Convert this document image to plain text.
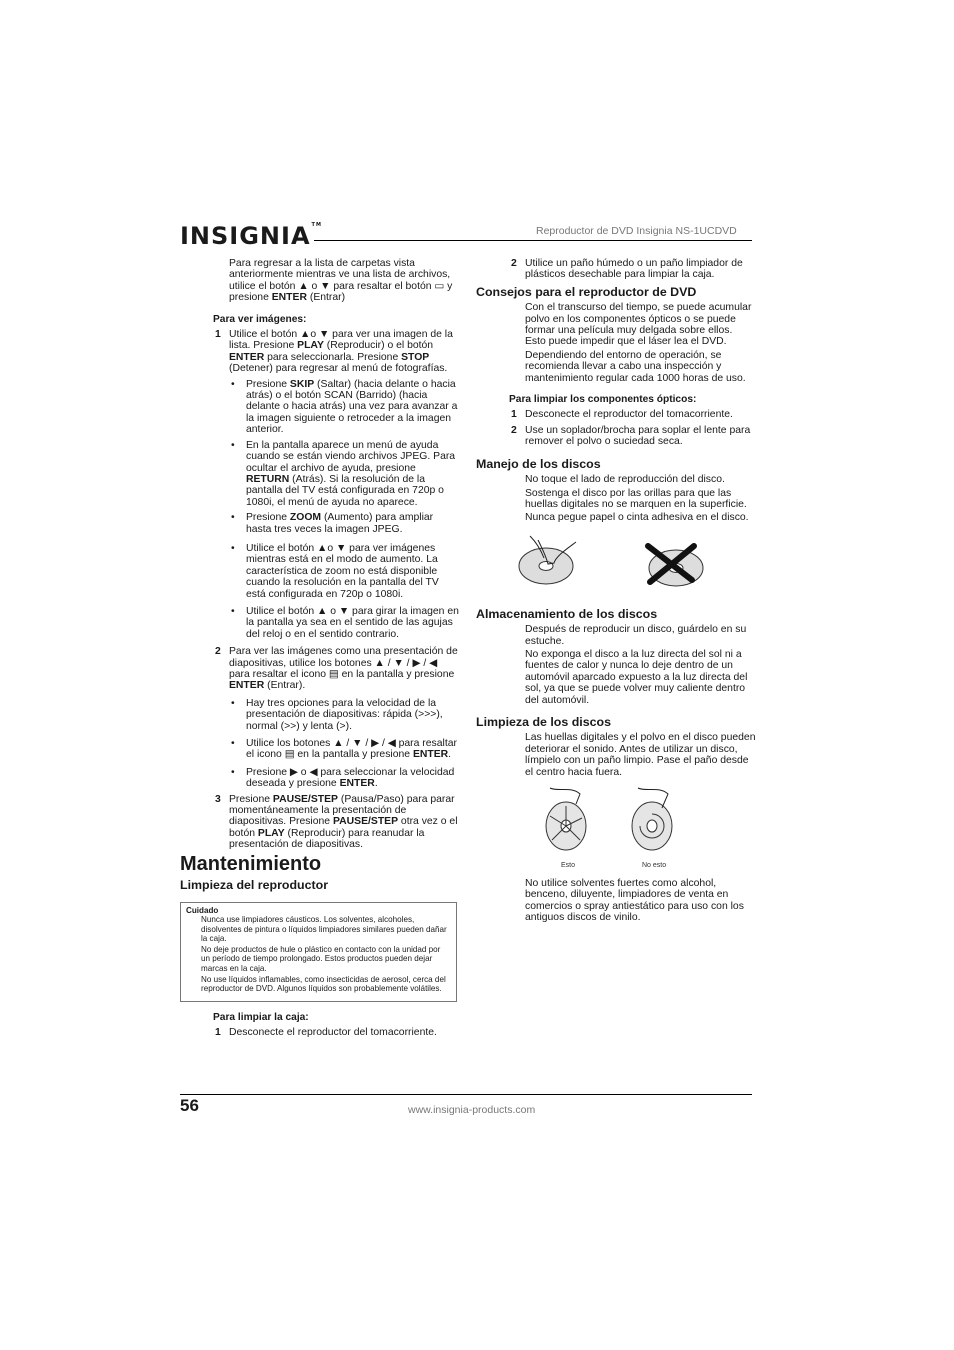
INSIGNIA™	Reproductor de DVD Insignia NS-1UCDVD

Para regresar a la lista de carpetas vista anteriormente mientras ve una lista de archivos, utilice el botón ▲ o ▼ para resaltar el botón ▭ y presione ENTER (Entrar)

Para ver imágenes:
1 Utilice el botón ▲o ▼ para ver una imagen de la lista. Presione PLAY (Reproducir) o el botón ENTER para seleccionarla. Presione STOP (Detener) para regresar al menú de fotografías.
• Presione SKIP (Saltar) (hacia delante o hacia atrás) o el botón SCAN (Barrido) (hacia delante o hacia atrás) una vez para avanzar a la imagen siguiente o retroceder a la imagen anterior.
• En la pantalla aparece un menú de ayuda cuando se están viendo archivos JPEG. Para ocultar el archivo de ayuda, presione RETURN (Atrás). Si la resolución de la pantalla del TV está configurada en 720p o 1080i, el menú de ayuda no aparece.
• Presione ZOOM (Aumento) para ampliar hasta tres veces la imagen JPEG.
• Utilice el botón ▲o ▼ para ver imágenes mientras está en el modo de aumento. La característica de zoom no está disponible cuando la resolución en la pantalla del TV está configurada en 720p o 1080i.
• Utilice el botón ▲ o ▼ para girar la imagen en la pantalla ya sea en el sentido de las agujas del reloj o en el sentido contrario.
2 Para ver las imágenes como una presentación de diapositivas, utilice los botones ▲ / ▼ / ▶ / ◀ para resaltar el icono ▤ en la pantalla y presione ENTER (Entrar).
• Hay tres opciones para la velocidad de la presentación de diapositivas: rápida (>>>), normal (>>) y lenta (>).
• Utilice los botones ▲ / ▼ / ▶ / ◀ para resaltar el icono ▤ en la pantalla y presione ENTER.
• Presione ▶ o ◀ para seleccionar la velocidad deseada y presione ENTER.
3 Presione PAUSE/STEP (Pausa/Paso) para parar momentáneamente la presentación de diapositivas. Presione PAUSE/STEP otra vez o el botón PLAY (Reproducir) para reanudar la presentación de diapositivas.
Mantenimiento
Limpieza del reproductor
Cuidado

Nunca use limpiadores cáusticos. Los solventes, alcoholes, disolventes de pintura o líquidos limpiadores similares pueden dañar la caja.

No deje productos de hule o plástico en contacto con la unidad por un período de tiempo prolongado. Estos productos pueden dejar marcas en la caja.

No use líquidos inflamables, como insecticidas de aerosol, cerca del reproductor de DVD. Algunos líquidos son probablemente volátiles.

Para limpiar la caja:
1 Desconecte el reproductor del tomacorriente.
2 Utilice un paño húmedo o un paño limpiador de plásticos desechable para limpiar la caja.
Consejos para el reproductor de DVD

Con el transcurso del tiempo, se puede acumular polvo en los componentes ópticos o se puede formar una película muy delgada sobre ellos. Esto puede impedir que el láser lea el DVD.

Dependiendo del entorno de operación, se recomienda llevar a cabo una inspección y mantenimiento regular cada 1000 horas de uso.

Para limpiar los componentes ópticos:
1 Desconecte el reproductor del tomacorriente.
2 Use un soplador/brocha para soplar el lente para remover el polvo o suciedad seca.
Manejo de los discos

No toque el lado de reproducción del disco.

Sostenga el disco por las orillas para que las huellas digitales no se marquen en la superficie.

Nunca pegue papel o cinta adhesiva en el disco.

Almacenamiento de los discos

Después de reproducir un disco, guárdelo en su estuche.

No exponga el disco a la luz directa del sol ni a fuentes de calor y nunca lo deje dentro de un automóvil aparcado expuesto a la luz directa del sol, ya que se puede volver muy caliente dentro del automóvil.

Limpieza de los discos

Las huellas digitales y el polvo en el disco pueden deteriorar el sonido. Antes de utilizar un disco, límpielo con un paño limpio. Pase el paño desde el centro hacia fuera.

Esto	No esto

No utilice solventes fuertes como alcohol, benceno, diluyente, limpiadores de venta en comercios o spray antiestático para uso con los antiguos discos de vinilo.

56	www.insignia-products.com
